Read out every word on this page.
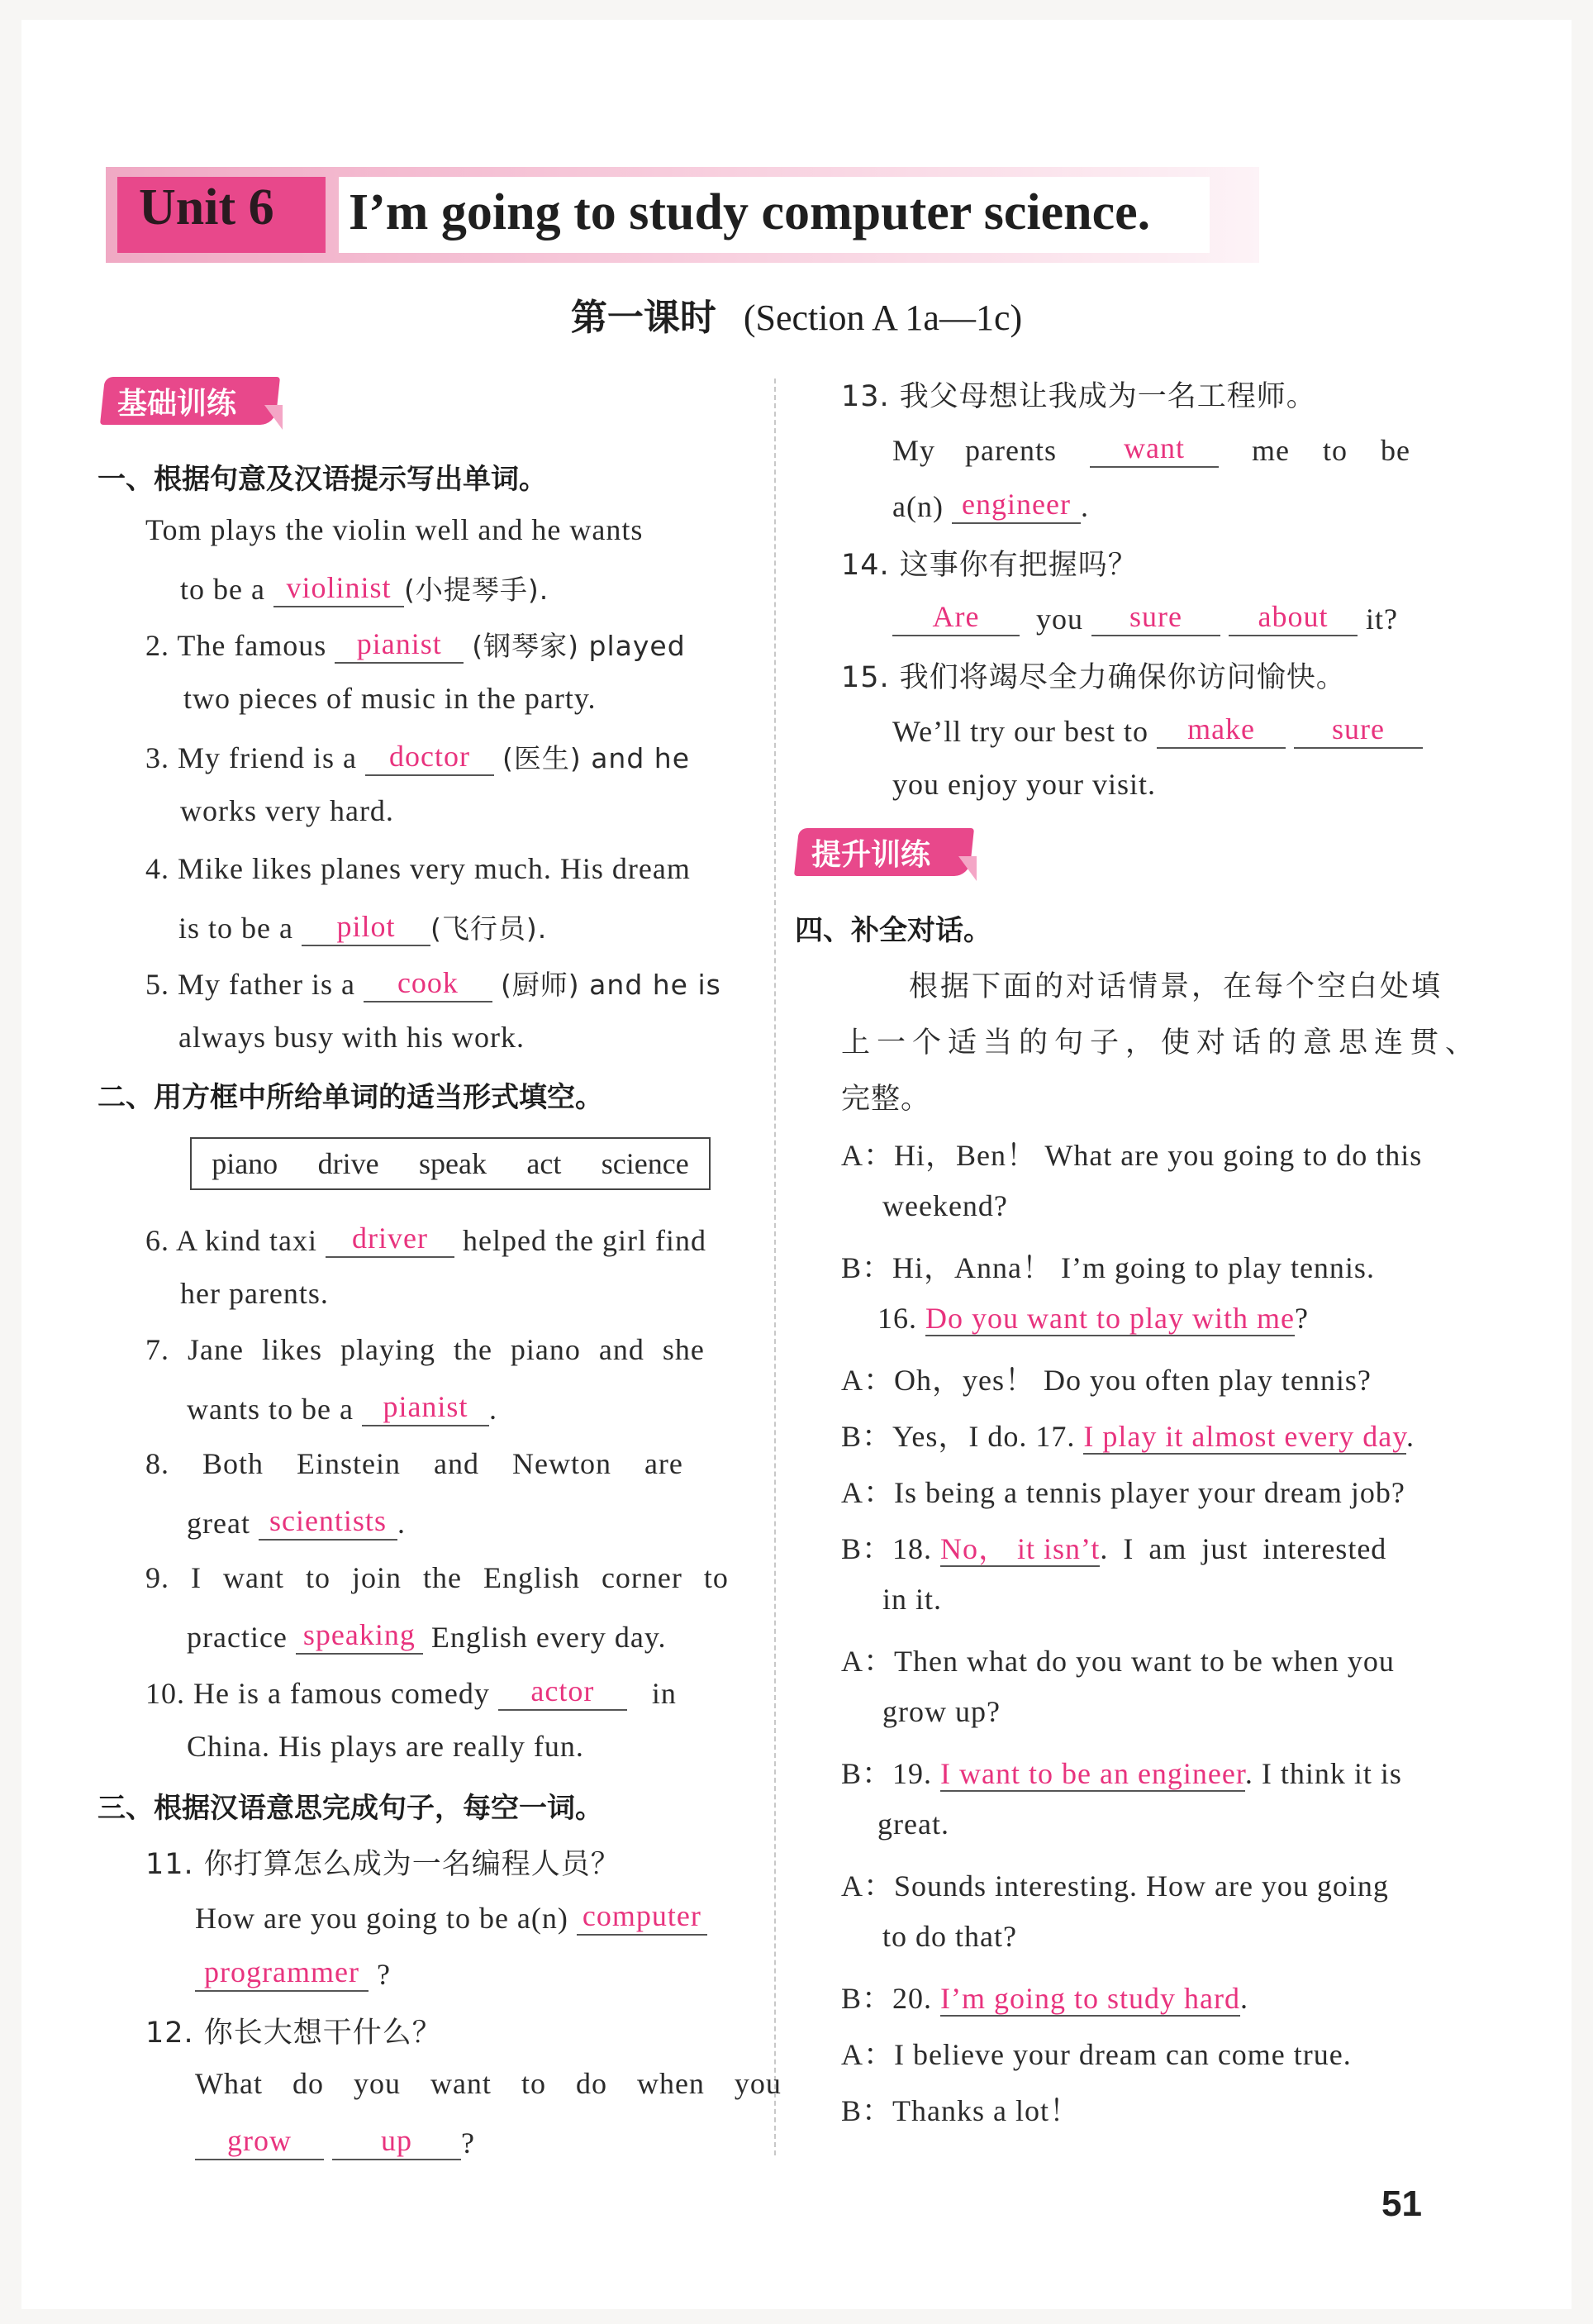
Unit 6 I’m going to study computer science.
第一课时 (Section A 1a—1c)
基础训练
一、根据句意及汉语提示写出单词。
Tom plays the violin well and he wants
to be a violinist (小提琴手).
2. The famous pianist (钢琴家) played
two pieces of music in the party.
3. My friend is a doctor (医生) and he
works very hard.
4. Mike likes planes very much. His dream
is to be a pilot (飞行员).
5. My father is a cook (厨师) and he is
always busy with his work.
二、用方框中所给单词的适当形式填空。
piano drive speak act science
6. A kind taxi driver helped the girl find
her parents.
7. Jane likes playing the piano and she
wants to be a pianist .
8. Both Einstein and Newton are
great scientists .
9. I want to join the English corner to
practice speaking English every day.
10. He is a famous comedy actor in
China. His plays are really fun.
三、根据汉语意思完成句子，每空一词。
11. 你打算怎么成为一名编程人员？
How are you going to be a(n) computer
programmer ?
12. 你长大想干什么？
What do you want to do when you
grow	up ?
13. 我父母想让我成为一名工程师。
My parents want me to be
a(n) engineer .
14. 这事你有把握吗？
Are you sure	about it?
15. 我们将竭尽全力确保你访问愉快。
We’ll try our best to make	sure
you enjoy your visit.
提升训练
四、补全对话。
根据下面的对话情景，在每个空白处填
上一个适当的句子，使对话的意思连贯、
完整。
A：Hi，Ben！ What are you going to do this
weekend?
B：Hi，Anna！ I’m going to play tennis.
16. Do you want to play with me?
A：Oh，yes！ Do you often play tennis?
B：Yes，I do. 17. I play it almost every day.
A：Is being a tennis player your dream job?
B：18. No， it isn’t. I am just interested
in it.
A：Then what do you want to be when you
grow up?
B：19. I want to be an engineer. I think it is
great.
A：Sounds interesting. How are you going
to do that?
B：20. I’m going to study hard.
A：I believe your dream can come true.
B：Thanks a lot！
51
